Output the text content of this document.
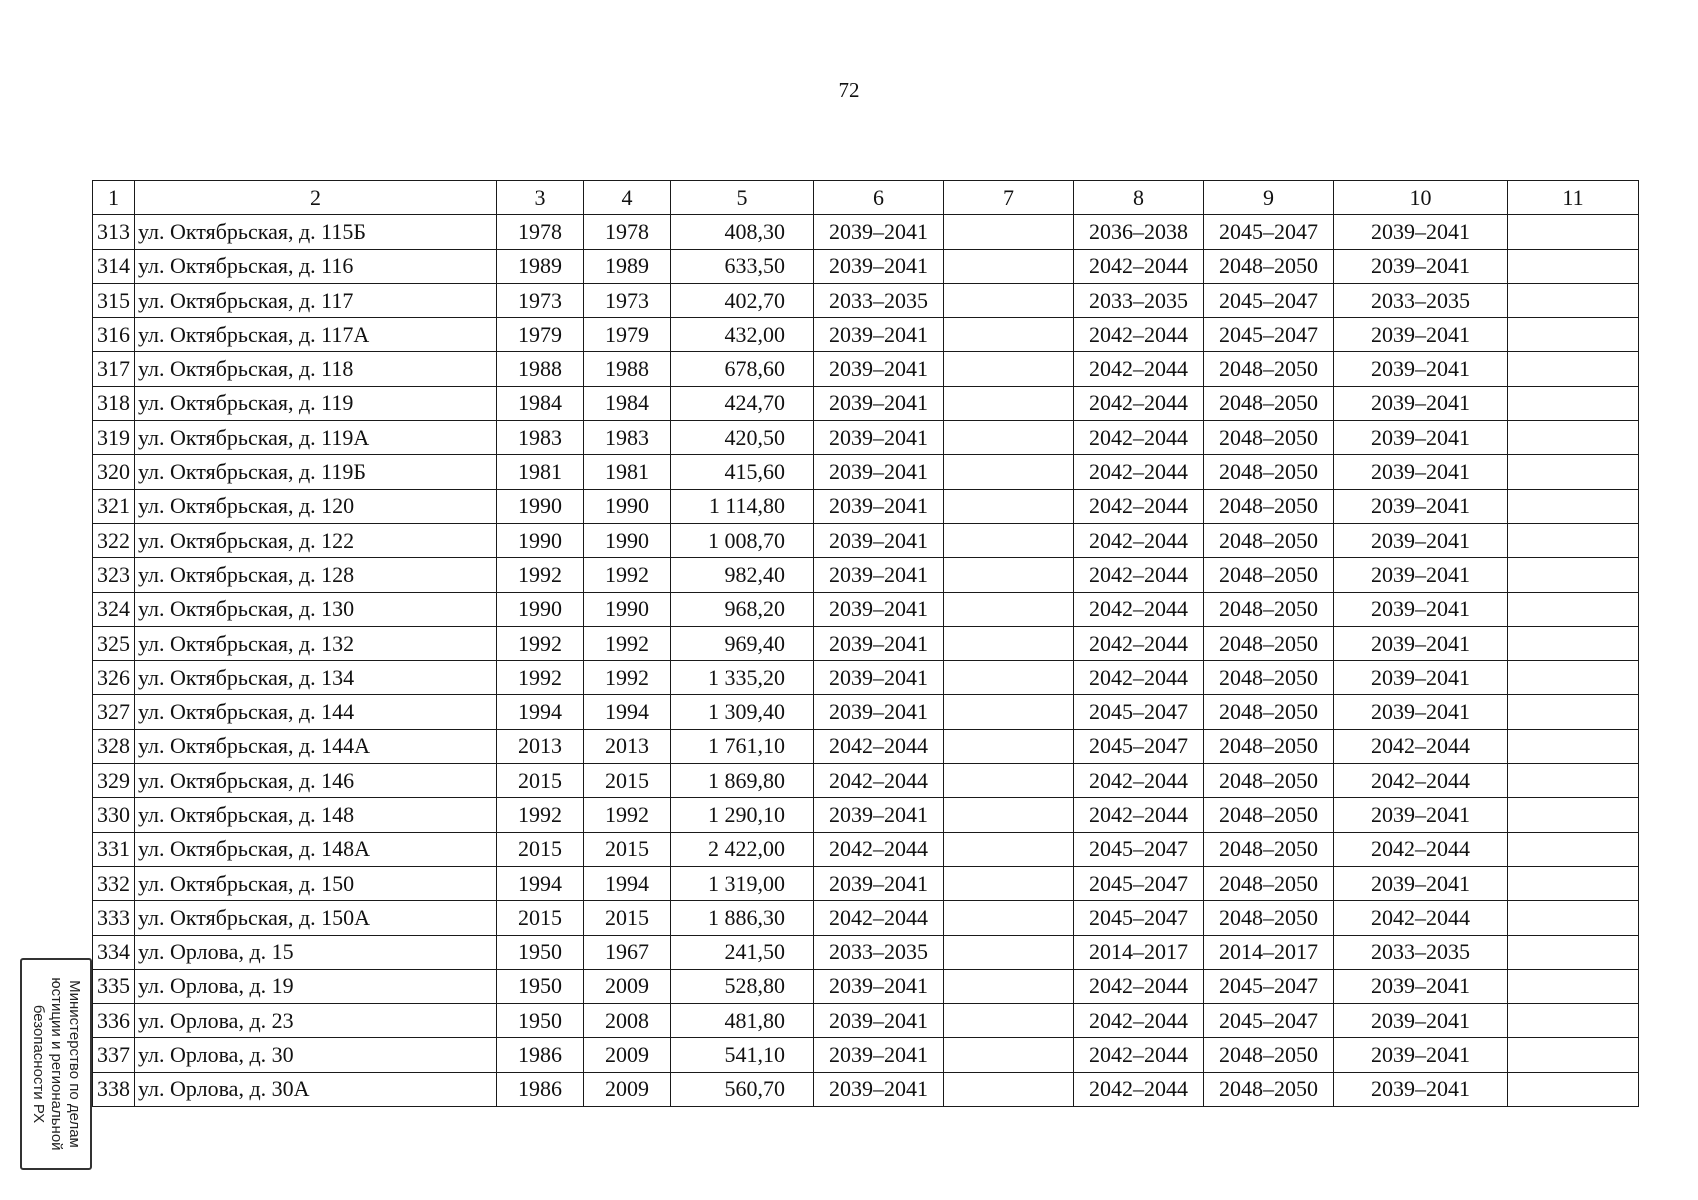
72
1	2	3	4	5	6	7	8	9	10	11
313	ул. Октябрьская, д. 115Б	1978	1978	408,30	2039–2041		2036–2038	2045–2047	2039–2041	
314	ул. Октябрьская, д. 116	1989	1989	633,50	2039–2041		2042–2044	2048–2050	2039–2041	
315	ул. Октябрьская, д. 117	1973	1973	402,70	2033–2035		2033–2035	2045–2047	2033–2035	
316	ул. Октябрьская, д. 117А	1979	1979	432,00	2039–2041		2042–2044	2045–2047	2039–2041	
317	ул. Октябрьская, д. 118	1988	1988	678,60	2039–2041		2042–2044	2048–2050	2039–2041	
318	ул. Октябрьская, д. 119	1984	1984	424,70	2039–2041		2042–2044	2048–2050	2039–2041	
319	ул. Октябрьская, д. 119А	1983	1983	420,50	2039–2041		2042–2044	2048–2050	2039–2041	
320	ул. Октябрьская, д. 119Б	1981	1981	415,60	2039–2041		2042–2044	2048–2050	2039–2041	
321	ул. Октябрьская, д. 120	1990	1990	1 114,80	2039–2041		2042–2044	2048–2050	2039–2041	
322	ул. Октябрьская, д. 122	1990	1990	1 008,70	2039–2041		2042–2044	2048–2050	2039–2041	
323	ул. Октябрьская, д. 128	1992	1992	982,40	2039–2041		2042–2044	2048–2050	2039–2041	
324	ул. Октябрьская, д. 130	1990	1990	968,20	2039–2041		2042–2044	2048–2050	2039–2041	
325	ул. Октябрьская, д. 132	1992	1992	969,40	2039–2041		2042–2044	2048–2050	2039–2041	
326	ул. Октябрьская, д. 134	1992	1992	1 335,20	2039–2041		2042–2044	2048–2050	2039–2041	
327	ул. Октябрьская, д. 144	1994	1994	1 309,40	2039–2041		2045–2047	2048–2050	2039–2041	
328	ул. Октябрьская, д. 144А	2013	2013	1 761,10	2042–2044		2045–2047	2048–2050	2042–2044	
329	ул. Октябрьская, д. 146	2015	2015	1 869,80	2042–2044		2042–2044	2048–2050	2042–2044	
330	ул. Октябрьская, д. 148	1992	1992	1 290,10	2039–2041		2042–2044	2048–2050	2039–2041	
331	ул. Октябрьская, д. 148А	2015	2015	2 422,00	2042–2044		2045–2047	2048–2050	2042–2044	
332	ул. Октябрьская, д. 150	1994	1994	1 319,00	2039–2041		2045–2047	2048–2050	2039–2041	
333	ул. Октябрьская, д. 150А	2015	2015	1 886,30	2042–2044		2045–2047	2048–2050	2042–2044	
334	ул. Орлова, д. 15	1950	1967	241,50	2033–2035		2014–2017	2014–2017	2033–2035	
335	ул. Орлова, д. 19	1950	2009	528,80	2039–2041		2042–2044	2045–2047	2039–2041	
336	ул. Орлова, д. 23	1950	2008	481,80	2039–2041		2042–2044	2045–2047	2039–2041	
337	ул. Орлова, д. 30	1986	2009	541,10	2039–2041		2042–2044	2048–2050	2039–2041	
338	ул. Орлова, д. 30А	1986	2009	560,70	2039–2041		2042–2044	2048–2050	2039–2041	
Министерство по делам
юстиции и региональной
безопасности РХ
